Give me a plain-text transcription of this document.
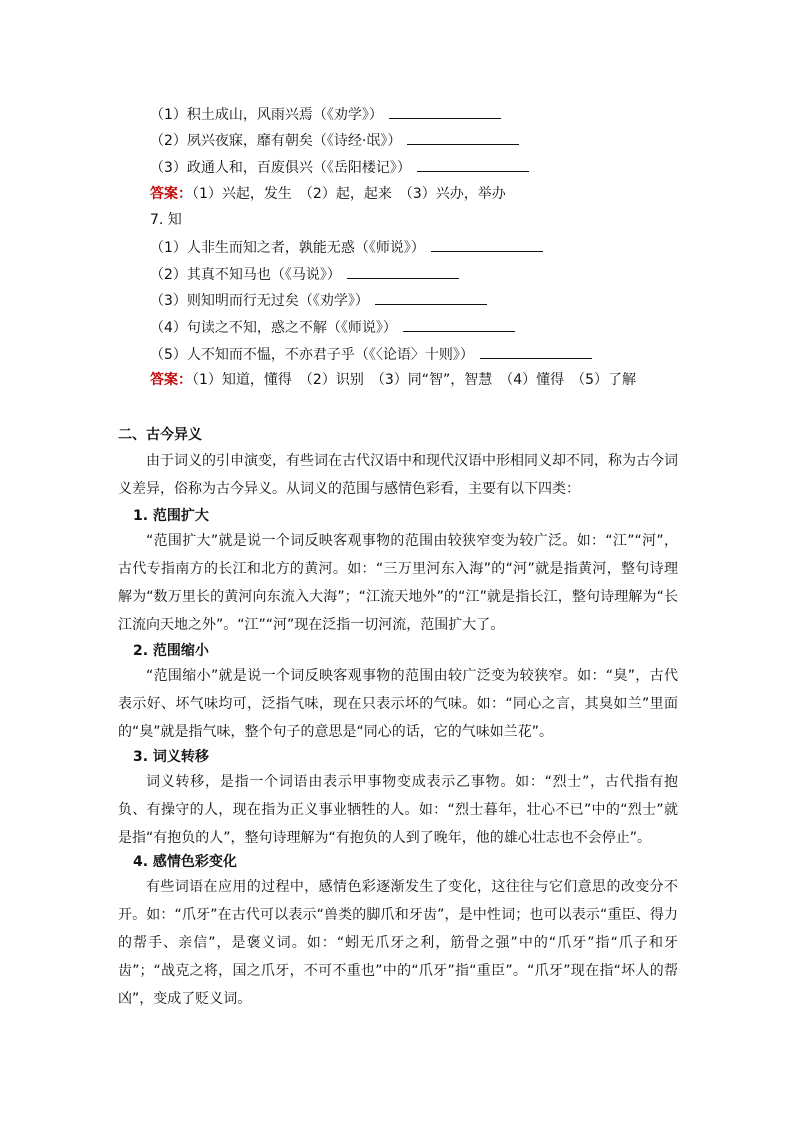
（1）积土成山，风雨兴焉（《劝学》）
（2）夙兴夜寐，靡有朝矣（《诗经·氓》）
（3）政通人和，百废俱兴（《岳阳楼记》）
答案：（1）兴起，发生　（2）起，起来　（3）兴办，举办
7. 知
（1）人非生而知之者，孰能无惑（《师说》）
（2）其真不知马也（《马说》）
（3）则知明而行无过矣（《劝学》）
（4）句读之不知，惑之不解（《师说》）
（5）人不知而不愠，不亦君子乎（《〈论语〉十则》）
答案：（1）知道，懂得　（2）识别　（3）同“智”，智慧　（4）懂得　（5）了解
二、古今异义
由于词义的引申演变，有些词在古代汉语中和现代汉语中形相同义却不同，称为古今词义差异，俗称为古今异义。从词义的范围与感情色彩看，主要有以下四类：
1. 范围扩大
“范围扩大”就是说一个词反映客观事物的范围由较狭窄变为较广泛。如：“江”“河”，古代专指南方的长江和北方的黄河。如：“三万里河东入海”的“河”就是指黄河，整句诗理解为“数万里长的黄河向东流入大海”；“江流天地外”的“江”就是指长江，整句诗理解为“长江流向天地之外”。“江”“河”现在泛指一切河流，范围扩大了。
2. 范围缩小
“范围缩小”就是说一个词反映客观事物的范围由较广泛变为较狭窄。如：“臭”，古代表示好、坏气味均可，泛指气味，现在只表示坏的气味。如：“同心之言，其臭如兰”里面的“臭”就是指气味，整个句子的意思是“同心的话，它的气味如兰花”。
3. 词义转移
词义转移，是指一个词语由表示甲事物变成表示乙事物。如：“烈士”，古代指有抱负、有操守的人，现在指为正义事业牺牲的人。如：“烈士暮年，壮心不已”中的“烈士”就是指“有抱负的人”，整句诗理解为“有抱负的人到了晚年，他的雄心壮志也不会停止”。
4. 感情色彩变化
有些词语在应用的过程中，感情色彩逐渐发生了变化，这往往与它们意思的改变分不开。如：“爪牙”在古代可以表示“兽类的脚爪和牙齿”，是中性词；也可以表示“重臣、得力的帮手、亲信”，是褒义词。如：“蚓无爪牙之利，筋骨之强”中的“爪牙”指“爪子和牙齿”；“战克之将，国之爪牙，不可不重也”中的“爪牙”指“重臣”。“爪牙”现在指“坏人的帮凶”，变成了贬义词。
